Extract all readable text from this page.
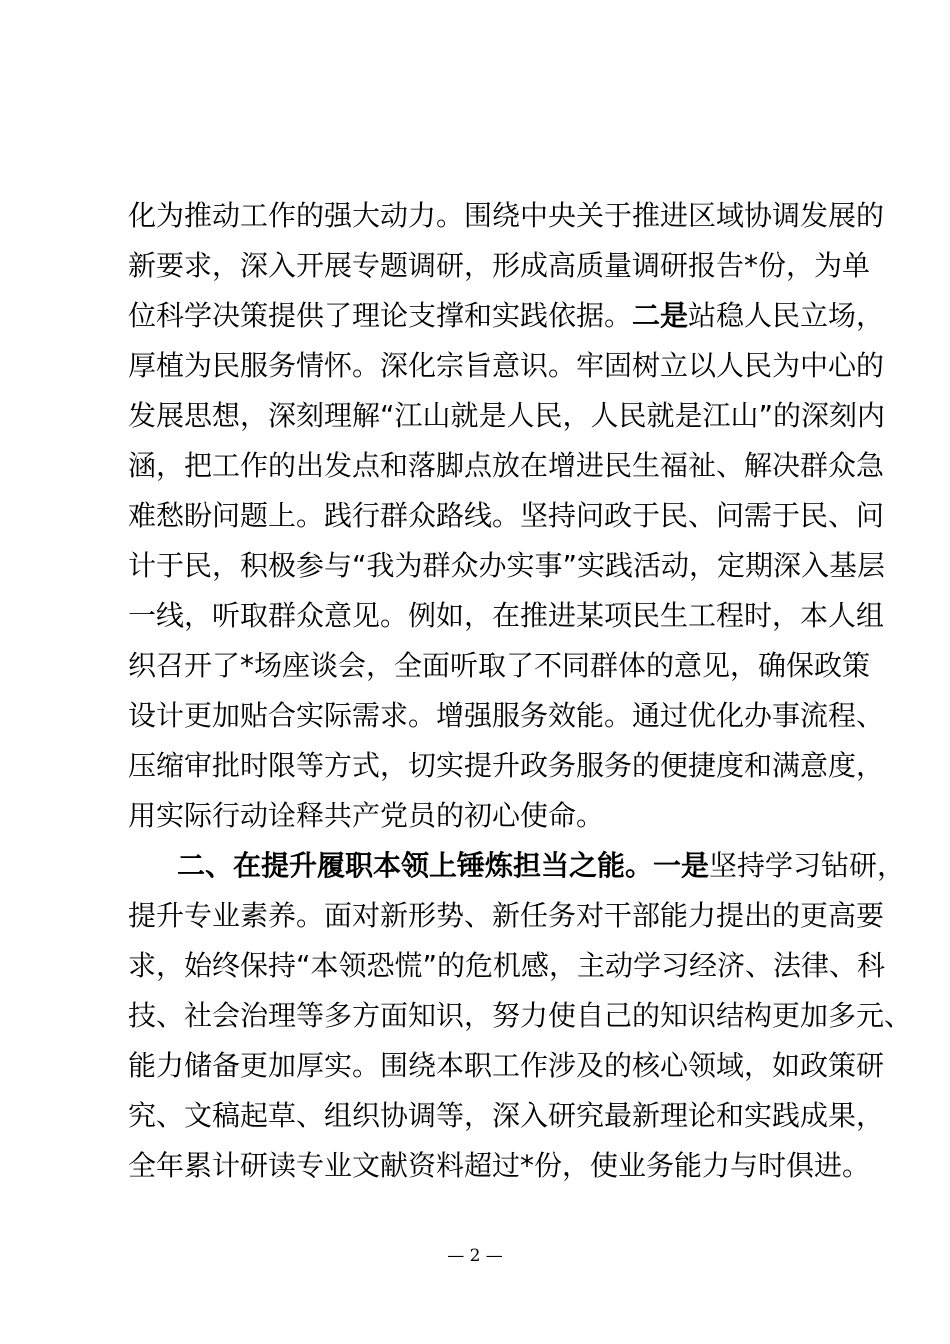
化为推动工作的强大动力。围绕中央关于推进区域协调发展的
新要求，深入开展专题调研，形成高质量调研报告*份，为单
位科学决策提供了理论支撑和实践依据。二是站稳人民立场，
厚植为民服务情怀。深化宗旨意识。牢固树立以人民为中心的
发展思想，深刻理解“江山就是人民，人民就是江山”的深刻内
涵，把工作的出发点和落脚点放在增进民生福祉、解决群众急
难愁盼问题上。践行群众路线。坚持问政于民、问需于民、问
计于民，积极参与“我为群众办实事”实践活动，定期深入基层
一线，听取群众意见。例如，在推进某项民生工程时，本人组
织召开了*场座谈会，全面听取了不同群体的意见，确保政策
设计更加贴合实际需求。增强服务效能。通过优化办事流程、
压缩审批时限等方式，切实提升政务服务的便捷度和满意度，
用实际行动诠释共产党员的初心使命。
二、在提升履职本领上锤炼担当之能。一是坚持学习钻研，
提升专业素养。面对新形势、新任务对干部能力提出的更高要
求，始终保持“本领恐慌”的危机感，主动学习经济、法律、科
技、社会治理等多方面知识，努力使自己的知识结构更加多元、
能力储备更加厚实。围绕本职工作涉及的核心领域，如政策研
究、文稿起草、组织协调等，深入研究最新理论和实践成果，
全年累计研读专业文献资料超过*份，使业务能力与时俱进。
— 2 —
